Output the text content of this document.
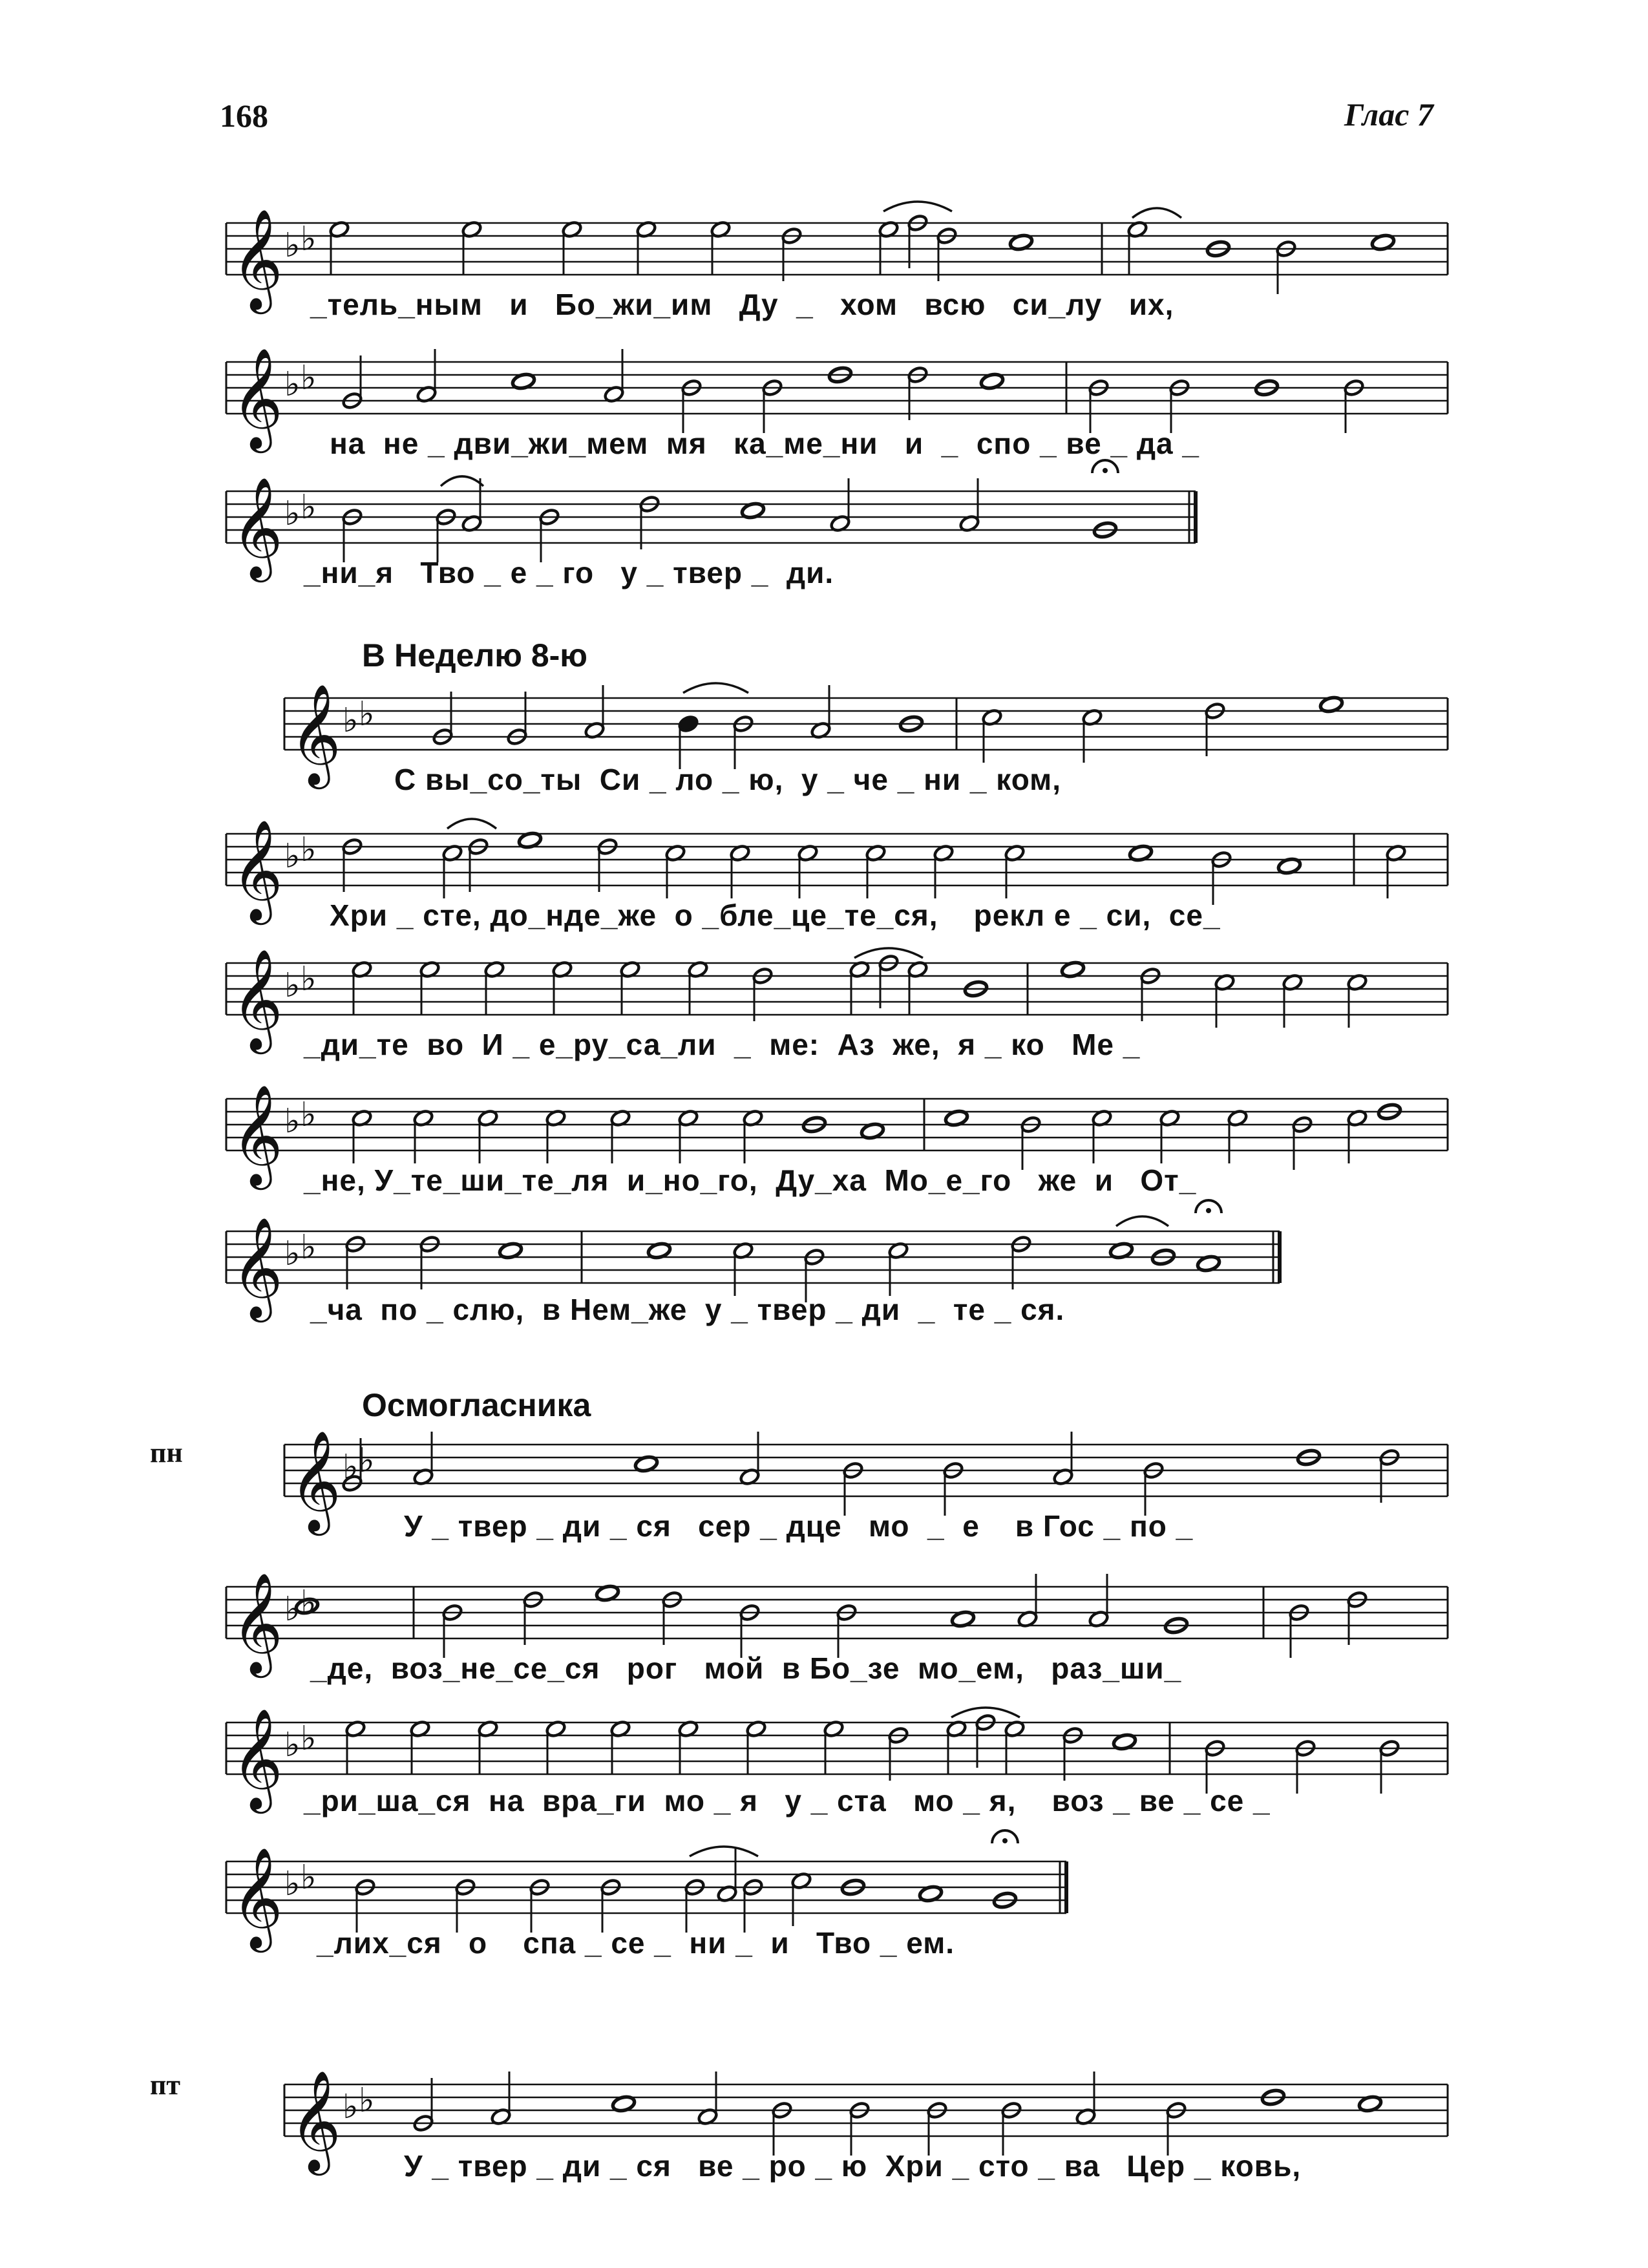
168	Глас 7
В Неделю 8-ю
Осмогласника
пн
пт
𝄞 ♭ ♭
𝄞 ♭ ♭
𝄞 ♭ ♭
𝄞 ♭ ♭
𝄞 ♭ ♭
𝄞 ♭ ♭
𝄞 ♭ ♭
𝄞 ♭ ♭
𝄞 ♭ ♭
𝄞 ♭ ♭
𝄞 ♭ ♭
𝄞 ♭ ♭
𝄞 ♭ ♭
_тель_ным   и   Бо_жи_им   Ду  _   хом   всю   си_лу   их,
на  не _ дви_жи_мем  мя   ка_ме_ни   и  _  спо _ ве _ да _
_ни_я   Тво _ е _ го   у _ твер _  ди.
С вы_со_ты  Си _ ло _ ю,  у _ че _ ни _ ком,
Хри _ сте, до_нде_же  о _бле_це_те_ся,    рекл е _ си,  се_
_ди_те  во  И _ е_ру_са_ли  _  ме:  Аз  же,  я _ ко   Ме _
_не, У_те_ши_те_ля  и_но_го,  Ду_ха  Мо_е_го   же  и   От_
_ча  по _ слю,  в Нем_же  у _ твер _ ди  _  те _ ся.
У _ твер _ ди _ ся   сер _ дце   мо  _  е    в Гос _ по _
_де,  воз_не_се_ся   рог   мой  в Бо_зе  мо_ем,   раз_ши_
_ри_ша_ся  на  вра_ги  мо _ я   у _ ста   мо _ я,    воз _ ве _ се _
_лих_ся   о    спа _ се _  ни _  и   Тво _ ем.
У _ твер _ ди _ ся   ве _ ро _ ю  Хри _ сто _ ва   Цер _ ковь,
